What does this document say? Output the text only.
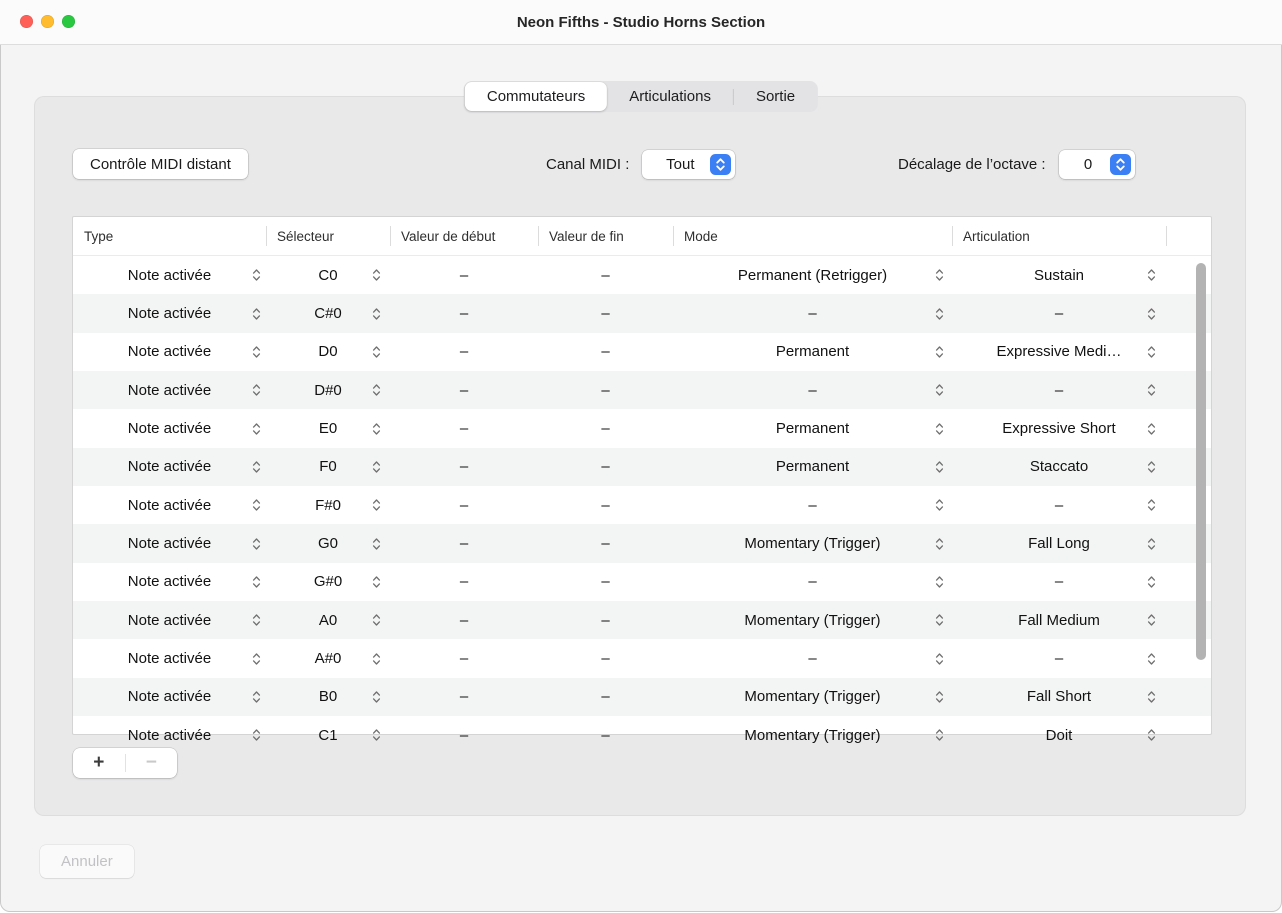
Neon Fifths - Studio Horns Section
Commutateurs	Articulations	Sortie
Contrôle MIDI distant	Canal MIDI :	Tout	Décalage de l’octave :	0
Type	Sélecteur	Valeur de début	Valeur de fin	Mode	Articulation
Note activée	C0	–	–	Permanent (Retrigger)	Sustain
Note activée	C#0	–	–	–	–
Note activée	D0	–	–	Permanent	Expressive Medi…
Note activée	D#0	–	–	–	–
Note activée	E0	–	–	Permanent	Expressive Short
Note activée	F0	–	–	Permanent	Staccato
Note activée	F#0	–	–	–	–
Note activée	G0	–	–	Momentary (Trigger)	Fall Long
Note activée	G#0	–	–	–	–
Note activée	A0	–	–	Momentary (Trigger)	Fall Medium
Note activée	A#0	–	–	–	–
Note activée	B0	–	–	Momentary (Trigger)	Fall Short
Note activée	C1	–	–	Momentary (Trigger)	Doit
+	−
Annuler
